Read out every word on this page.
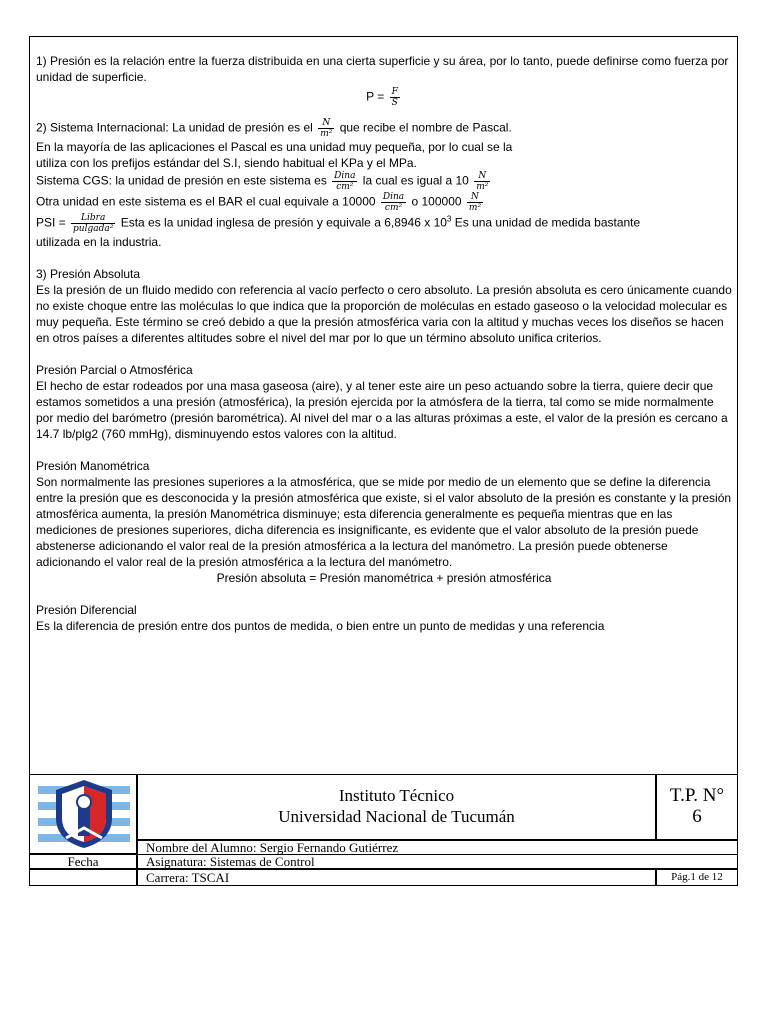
1) Presión es la relación entre la fuerza distribuida en una cierta superficie y su área, por lo tanto, puede definirse como fuerza por unidad de superficie.

$P = \frac{F}{S}$

2) Sistema Internacional: La unidad de presión es el $\frac{N}{\text{m²}}$ que recibe el nombre de Pascal.

En la mayoría de las aplicaciones el Pascal es una unidad muy pequeña, por lo cual se la

utiliza con los prefijos estándar del S.I, siendo habitual el KPa y el MPa.

Sistema CGS: la unidad de presión en este sistema es $\frac{\text{Dina}}{\text{cm²}}$ la cual es igual a $10 \frac{N}{\text{m²}}$

Otra unidad en este sistema es el BAR el cual equivale a $10000 \frac{\text{Dina}}{\text{cm²}}$ o $100000 \frac{N}{\text{m²}}$

PSI = $\frac{\text{Libra}}{\text{pulgada²}}$ Esta es la unidad inglesa de presión y equivale a 6,8946 x $10^3$ Es una unidad de medida bastante

utilizada en la industria.

3) Presión Absoluta

Es la presión de un fluido medido con referencia al vacío perfecto o cero absoluto. La presión absoluta es cero únicamente cuando no existe choque entre las moléculas lo que indica que la proporción de moléculas en estado gaseoso o la velocidad molecular es muy pequeña. Este término se creó debido a que la presión atmosférica varia con la altitud y muchas veces los diseños se hacen en otros países a diferentes altitudes sobre el nivel del mar por lo que un término absoluto unifica criterios.

Presión Parcial o Atmosférica

El hecho de estar rodeados por una masa gaseosa (aire), y al tener este aire un peso actuando sobre la tierra, quiere decir que estamos sometidos a una presión (atmosférica), la presión ejercida por la atmósfera de la tierra, tal como se mide normalmente por medio del barómetro (presión barométrica). Al nivel del mar o a las alturas próximas a este, el valor de la presión es cercano a 14.7 lb/plg2 (760 mmHg), disminuyendo estos valores con la altitud.

Presión Manométrica

Son normalmente las presiones superiores a la atmosférica, que se mide por medio de un elemento que se define la diferencia entre la presión que es desconocida y la presión atmosférica que existe, si el valor absoluto de la presión es constante y la presión atmosférica aumenta, la presión Manométrica disminuye; esta diferencia generalmente es pequeña mientras que en las mediciones de presiones superiores, dicha diferencia es insignificante, es evidente que el valor absoluto de la presión puede abstenerse adicionando el valor real de la presión atmosférica a la lectura del manómetro. La presión puede obtenerse adicionando el valor real de la presión atmosférica a la lectura del manómetro.

Presión absoluta = Presión manométrica + presión atmosférica

Presión Diferencial

Es la diferencia de presión entre dos puntos de medida, o bien entre un punto de medidas y una referencia

Instituto Técnico
Universidad Nacional de Tucumán
T.P. N°
6
Nombre del Alumno: Sergio Fernando Gutiérrez
Fecha	Asignatura: Sistemas de Control
Carrera: TSCAI	Pág.1 de 12
